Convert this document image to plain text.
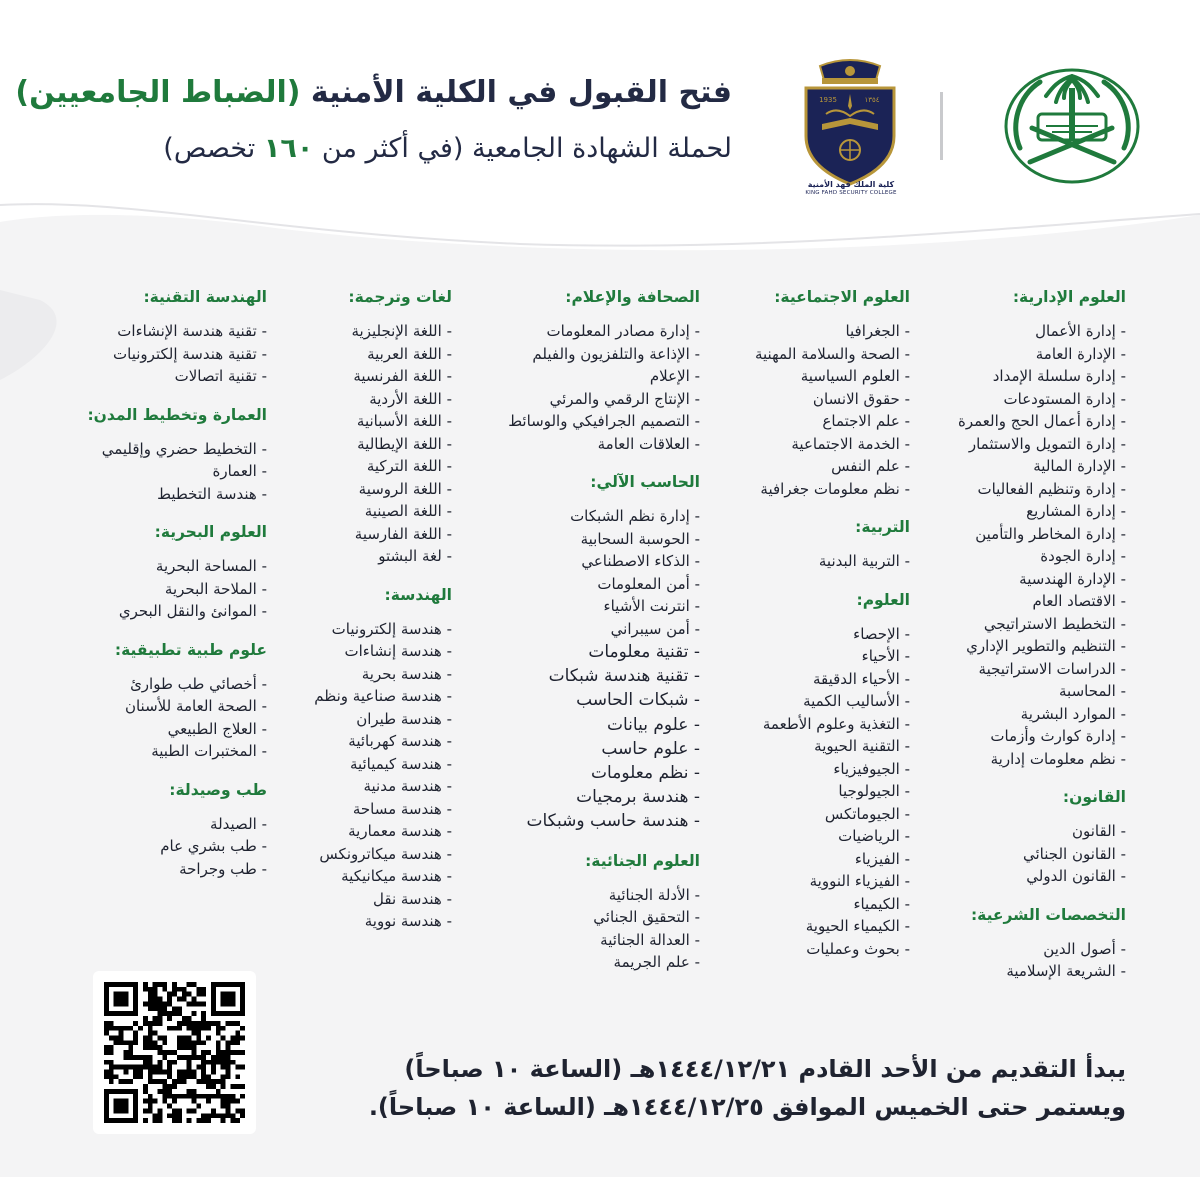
فتح القبول في الكلية الأمنية (الضباط الجامعيين)
لحملة الشهادة الجامعية (في أكثر من ١٦٠ تخصص)
1935	١٣٥٤
كلية الملك فهد الأمنية
KING FAHD SECURITY COLLEGE
العلوم الإدارية:
- إدارة الأعمال
- الإدارة العامة
- إدارة سلسلة الإمداد
- إدارة المستودعات
- إدارة أعمال الحج والعمرة
- إدارة التمويل والاستثمار
- الإدارة المالية
- إدارة وتنظيم الفعاليات
- إدارة المشاريع
- إدارة المخاطر والتأمين
- إدارة الجودة
- الإدارة الهندسية
- الاقتصاد العام
- التخطيط الاستراتيجي
- التنظيم والتطوير الإداري
- الدراسات الاستراتيجية
- المحاسبة
- الموارد البشرية
- إدارة كوارث وأزمات
- نظم معلومات إدارية
القانون:
- القانون
- القانون الجنائي
- القانون الدولي
التخصصات الشرعية:
- أصول الدين
- الشريعة الإسلامية
العلوم الاجتماعية:
- الجغرافيا
- الصحة والسلامة المهنية
- العلوم السياسية
- حقوق الانسان
- علم الاجتماع
- الخدمة الاجتماعية
- علم النفس
- نظم معلومات جغرافية
التربية:
- التربية البدنية
العلوم:
- الإحصاء
- الأحياء
- الأحياء الدقيقة
- الأساليب الكمية
- التغذية وعلوم الأطعمة
- التقنية الحيوية
- الجيوفيزياء
- الجيولوجيا
- الجيوماتكس
- الرياضيات
- الفيزياء
- الفيزياء النووية
- الكيمياء
- الكيمياء الحيوية
- بحوث وعمليات
الصحافة والإعلام:
- إدارة مصادر المعلومات
- الإذاعة والتلفزيون والفيلم
- الإعلام
- الإنتاج الرقمي والمرئي
- التصميم الجرافيكي والوسائط
- العلاقات العامة
الحاسب الآلي:
- إدارة نظم الشبكات
- الحوسبة السحابية
- الذكاء الاصطناعي
- أمن المعلومات
- انترنت الأشياء
- أمن سيبراني
- تقنية معلومات
- تقنية هندسة شبكات
- شبكات الحاسب
- علوم بيانات
- علوم حاسب
- نظم معلومات
- هندسة برمجيات
- هندسة حاسب وشبكات
العلوم الجنائية:
- الأدلة الجنائية
- التحقيق الجنائي
- العدالة الجنائية
- علم الجريمة
لغات وترجمة:
- اللغة الإنجليزية
- اللغة العربية
- اللغة الفرنسية
- اللغة الأردية
- اللغة الأسبانية
- اللغة الإيطالية
- اللغة التركية
- اللغة الروسية
- اللغة الصينية
- اللغة الفارسية
- لغة البشتو
الهندسة:
- هندسة إلكترونيات
- هندسة إنشاءات
- هندسة بحرية
- هندسة صناعية ونظم
- هندسة طيران
- هندسة كهربائية
- هندسة كيميائية
- هندسة مدنية
- هندسة مساحة
- هندسة معمارية
- هندسة ميكاترونكس
- هندسة ميكانيكية
- هندسة نقل
- هندسة نووية
الهندسة التقنية:
- تقنية هندسة الإنشاءات
- تقنية هندسة إلكترونيات
- تقنية اتصالات
العمارة وتخطيط المدن:
- التخطيط حضري وإقليمي
- العمارة
- هندسة التخطيط
العلوم البحرية:
- المساحة البحرية
- الملاحة البحرية
- الموانئ والنقل البحري
علوم طبية تطبيقية:
- أخصائي طب طوارئ
- الصحة العامة للأسنان
- العلاج الطبيعي
- المختبرات الطبية
طب وصيدلة:
- الصيدلة
- طب بشري عام
- طب وجراحة
يبدأ التقديم من الأحد القادم ١٤٤٤/١٢/٢١هـ (الساعة ١٠ صباحاً)
ويستمر حتى الخميس الموافق ١٤٤٤/١٢/٢٥هـ (الساعة ١٠ صباحاً).
